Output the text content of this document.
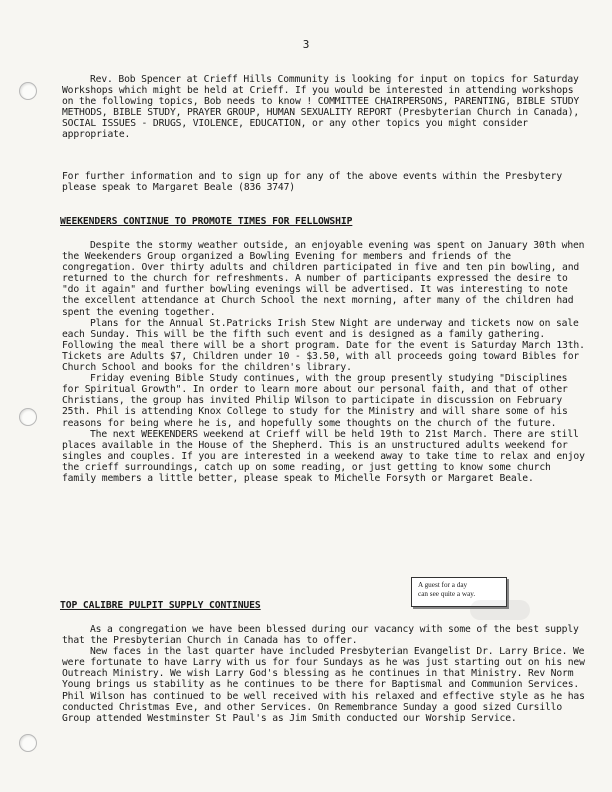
3

Rev. Bob Spencer at Crieff Hills Community is looking for input on topics for Saturday Workshops which might be held at Crieff. If you would be interested in attending workshops on the following topics, Bob needs to know ! COMMITTEE CHAIRPERSONS, PARENTING, BIBLE STUDY METHODS, BIBLE STUDY, PRAYER GROUP, HUMAN SEXUALITY REPORT (Presbyterian Church in Canada), SOCIAL ISSUES - DRUGS, VIOLENCE, EDUCATION, or any other topics you might consider appropriate.

For further information and to sign up for any of the above events within the Presbytery please speak to Margaret Beale (836 3747)

WEEKENDERS CONTINUE TO PROMOTE TIMES FOR FELLOWSHIP

Despite the stormy weather outside, an enjoyable evening was spent on January 30th when the Weekenders Group organized a Bowling Evening for members and friends of the congregation. Over thirty adults and children participated in five and ten pin bowling, and returned to the church for refreshments. A number of participants expressed the desire to "do it again" and further bowling evenings will be advertised. It was interesting to note the excellent attendance at Church School the next morning, after many of the children had spent the evening together.

Plans for the Annual St.Patricks Irish Stew Night are underway and tickets now on sale each Sunday. This will be the fifth such event and is designed as a family gathering. Following the meal there will be a short program. Date for the event is Saturday March 13th. Tickets are Adults $7, Children under 10 - $3.50, with all proceeds going toward Bibles for Church School and books for the children's library.

Friday evening Bible Study continues, with the group presently studying "Disciplines for Spiritual Growth". In order to learn more about our personal faith, and that of other Christians, the group has invited Philip Wilson to participate in discussion on February 25th. Phil is attending Knox College to study for the Ministry and will share some of his reasons for being where he is, and hopefully some thoughts on the church of the future.

The next WEEKENDERS weekend at Crieff will be held 19th to 21st March. There are still places available in the House of the Shepherd. This is an unstructured adults weekend for singles and couples. If you are interested in a weekend away to take time to relax and enjoy the crieff surroundings, catch up on some reading, or just getting to know some church family members a little better, please speak to Michelle Forsyth or Margaret Beale.

A guest for a day
can see quite a way.
TOP CALIBRE PULPIT SUPPLY CONTINUES

As a congregation we have been blessed during our vacancy with some of the best supply that the Presbyterian Church in Canada has to offer.

New faces in the last quarter have included Presbyterian Evangelist Dr. Larry Brice. We were fortunate to have Larry with us for four Sundays as he was just starting out on his new Outreach Ministry. We wish Larry God's blessing as he continues in that Ministry. Rev Norm Young brings us stability as he continues to be there for Baptismal and Communion Services. Phil Wilson has continued to be well received with his relaxed and effective style as he has conducted Christmas Eve, and other Services. On Remembrance Sunday a good sized Cursillo Group attended Westminster St Paul's as Jim Smith conducted our Worship Service.
